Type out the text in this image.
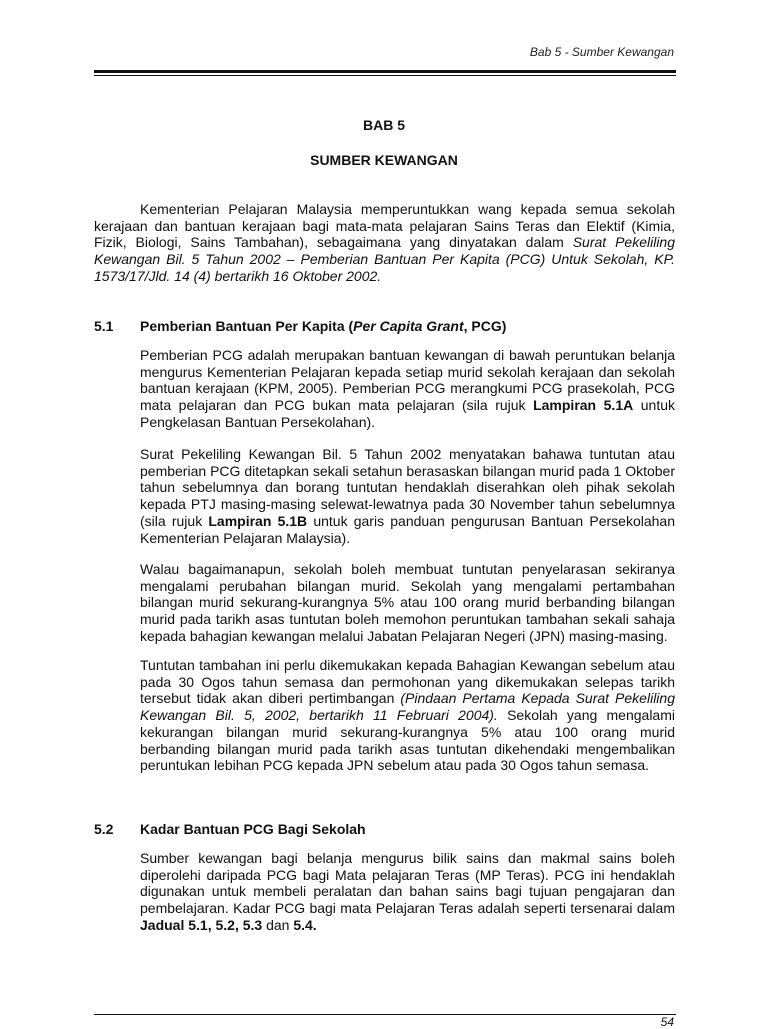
Bab 5 - Sumber Kewangan
BAB 5
SUMBER KEWANGAN

Kementerian Pelajaran Malaysia memperuntukkan wang kepada semua sekolah kerajaan dan bantuan kerajaan bagi mata-mata pelajaran Sains Teras dan Elektif (Kimia, Fizik, Biologi, Sains Tambahan), sebagaimana yang dinyatakan dalam Surat Pekeliling Kewangan Bil. 5 Tahun 2002 – Pemberian Bantuan Per Kapita (PCG) Untuk Sekolah, KP. 1573/17/Jld. 14 (4) bertarikh 16 Oktober 2002.

5.1 Pemberian Bantuan Per Kapita (Per Capita Grant, PCG)

Pemberian PCG adalah merupakan bantuan kewangan di bawah peruntukan belanja mengurus Kementerian Pelajaran kepada setiap murid sekolah kerajaan dan sekolah bantuan kerajaan (KPM, 2005). Pemberian PCG merangkumi PCG prasekolah, PCG mata pelajaran dan PCG bukan mata pelajaran (sila rujuk Lampiran 5.1A untuk Pengkelasan Bantuan Persekolahan).

Surat Pekeliling Kewangan Bil. 5 Tahun 2002 menyatakan bahawa tuntutan atau pemberian PCG ditetapkan sekali setahun berasaskan bilangan murid pada 1 Oktober tahun sebelumnya dan borang tuntutan hendaklah diserahkan oleh pihak sekolah kepada PTJ masing-masing selewat-lewatnya pada 30 November tahun sebelumnya (sila rujuk Lampiran 5.1B untuk garis panduan pengurusan Bantuan Persekolahan Kementerian Pelajaran Malaysia).

Walau bagaimanapun, sekolah boleh membuat tuntutan penyelarasan sekiranya mengalami perubahan bilangan murid. Sekolah yang mengalami pertambahan bilangan murid sekurang-kurangnya 5% atau 100 orang murid berbanding bilangan murid pada tarikh asas tuntutan boleh memohon peruntukan tambahan sekali sahaja kepada bahagian kewangan melalui Jabatan Pelajaran Negeri (JPN) masing-masing.

Tuntutan tambahan ini perlu dikemukakan kepada Bahagian Kewangan sebelum atau pada 30 Ogos tahun semasa dan permohonan yang dikemukakan selepas tarikh tersebut tidak akan diberi pertimbangan (Pindaan Pertama Kepada Surat Pekeliling Kewangan Bil. 5, 2002, bertarikh 11 Februari 2004). Sekolah yang mengalami kekurangan bilangan murid sekurang-kurangnya 5% atau 100 orang murid berbanding bilangan murid pada tarikh asas tuntutan dikehendaki mengembalikan peruntukan lebihan PCG kepada JPN sebelum atau pada 30 Ogos tahun semasa.

5.2 Kadar Bantuan PCG Bagi Sekolah

Sumber kewangan bagi belanja mengurus bilik sains dan makmal sains boleh diperolehi daripada PCG bagi Mata pelajaran Teras (MP Teras). PCG ini hendaklah digunakan untuk membeli peralatan dan bahan sains bagi tujuan pengajaran dan pembelajaran. Kadar PCG bagi mata Pelajaran Teras adalah seperti tersenarai dalam Jadual 5.1, 5.2, 5.3 dan 5.4.

54
